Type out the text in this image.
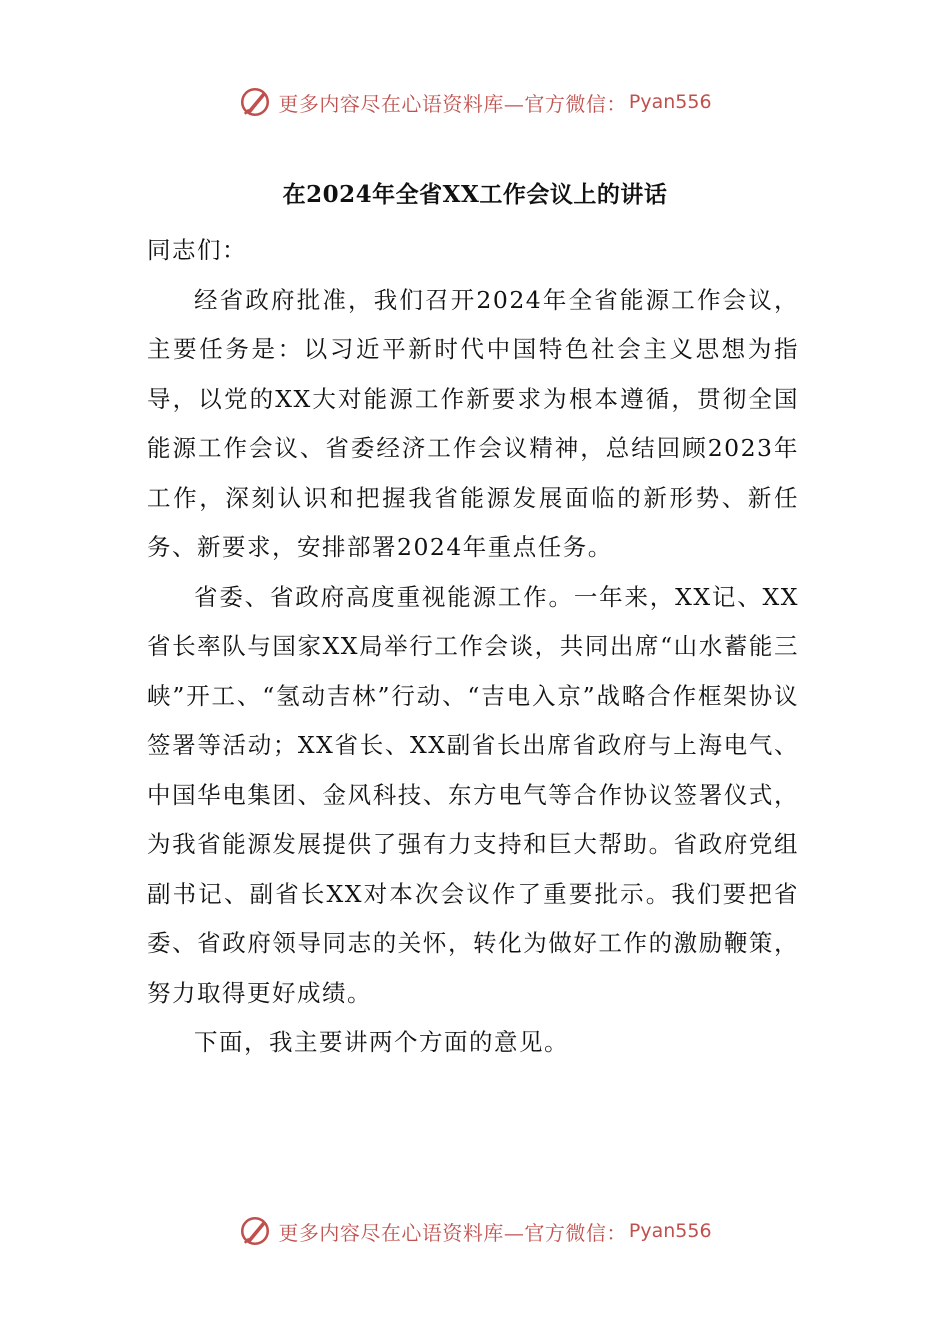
更多内容尽在心语资料库—官方微信： Pyan556
在2024年全省XX工作会议上的讲话

同志们：

经省政府批准，我们召开2024年全省能源工作会议，主要任务是：以习近平新时代中国特色社会主义思想为指导，以党的XX大对能源工作新要求为根本遵循，贯彻全国能源工作会议、省委经济工作会议精神，总结回顾2023年工作，深刻认识和把握我省能源发展面临的新形势、新任务、新要求，安排部署2024年重点任务。

省委、省政府高度重视能源工作。一年来，XX记、XX省长率队与国家XX局举行工作会谈，共同出席“山水蓄能三峡”开工、“氢动吉林”行动、“吉电入京”战略合作框架协议签署等活动；XX省长、XX副省长出席省政府与上海电气、中国华电集团、金风科技、东方电气等合作协议签署仪式，为我省能源发展提供了强有力支持和巨大帮助。省政府党组副书记、副省长XX对本次会议作了重要批示。我们要把省委、省政府领导同志的关怀，转化为做好工作的激励鞭策，努力取得更好成绩。

下面，我主要讲两个方面的意见。

更多内容尽在心语资料库—官方微信： Pyan556
